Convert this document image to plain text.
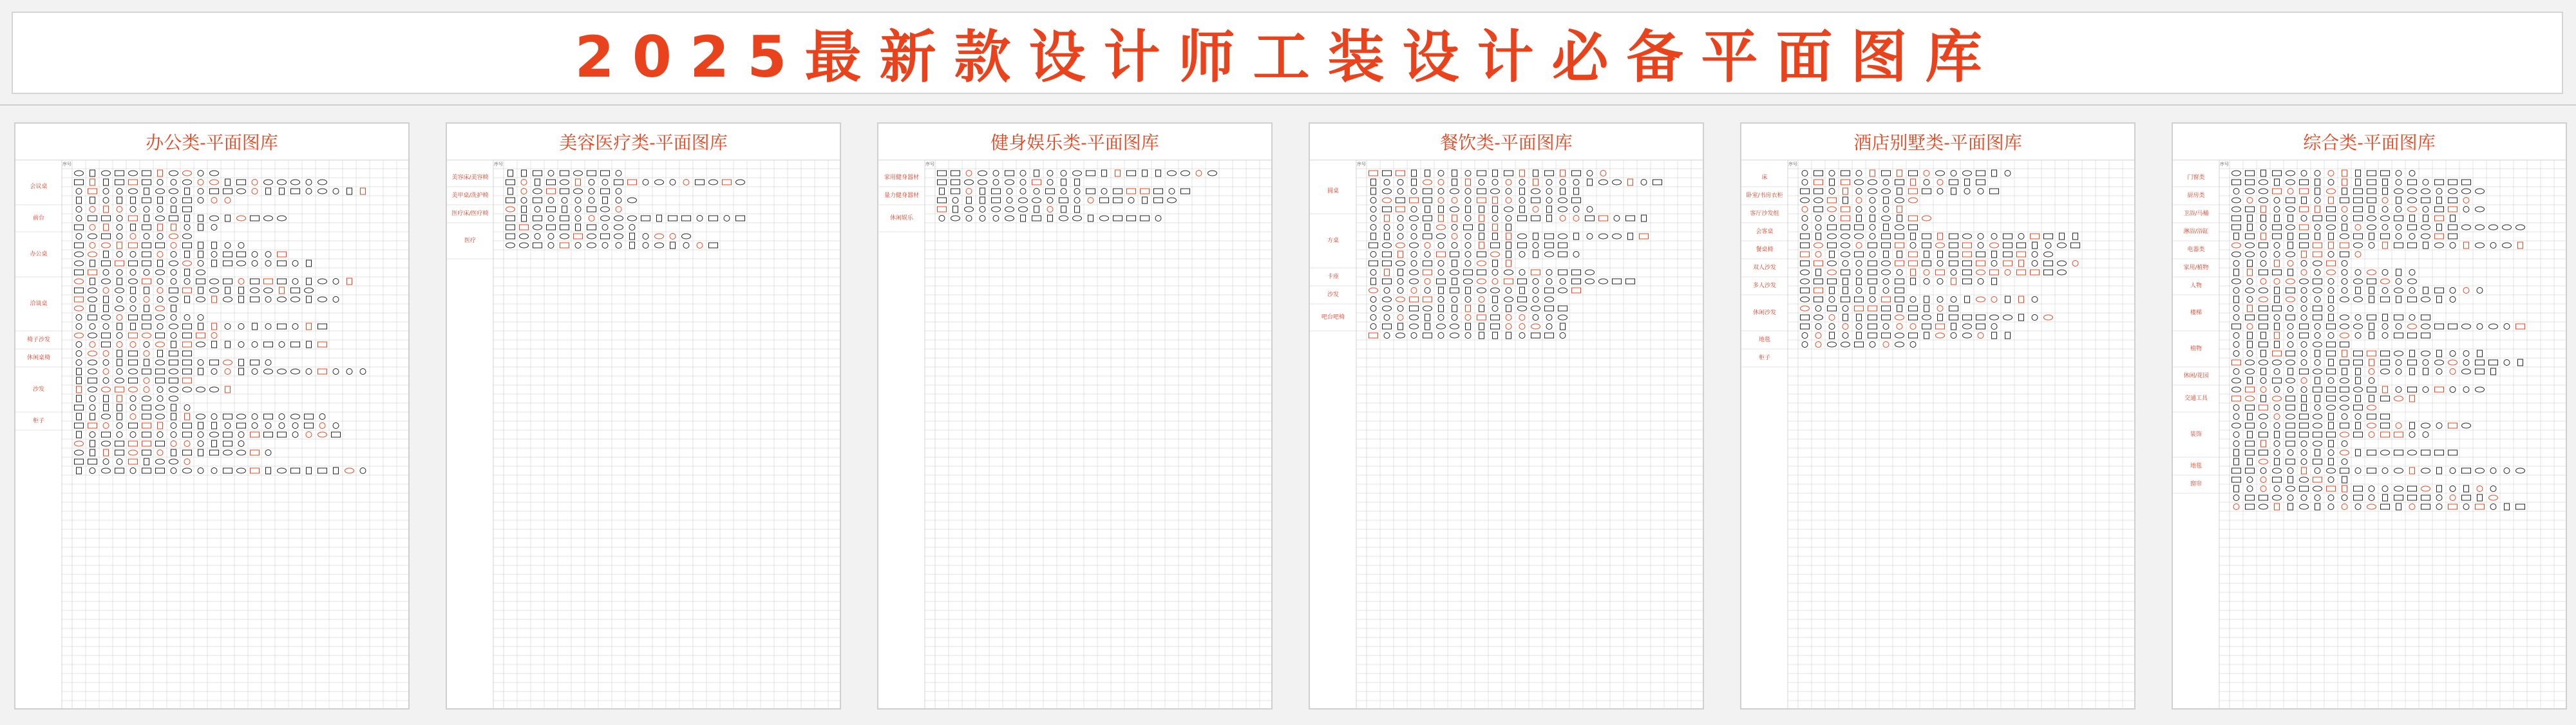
2025最新款设计师工装设计必备平面图库
办公类-平面图库
序号
会议桌
前台
办公桌
洽谈桌
椅子沙发
休闲桌椅
沙发
柜子
美容医疗类-平面图库
序号
美容床/美容椅
美甲桌/洗护椅
医疗床/医疗椅
医疗
健身娱乐类-平面图库
序号
家用健身器材
量力健身器材
休闲娱乐
餐饮类-平面图库
序号
圆桌
方桌
卡座
沙发
吧台吧椅
酒店别墅类-平面图库
序号
床
卧室/书房衣柜
客厅沙发组
会客桌
餐桌椅
双人沙发
多人沙发
休闲沙发
地毯
柜子
综合类-平面图库
序号
门窗类
厨房类
卫浴/马桶
淋浴/浴缸
电器类
家用/植物
人物
楼梯
植物
休闲/花园
交通工具
装饰
地毯
窗帘
